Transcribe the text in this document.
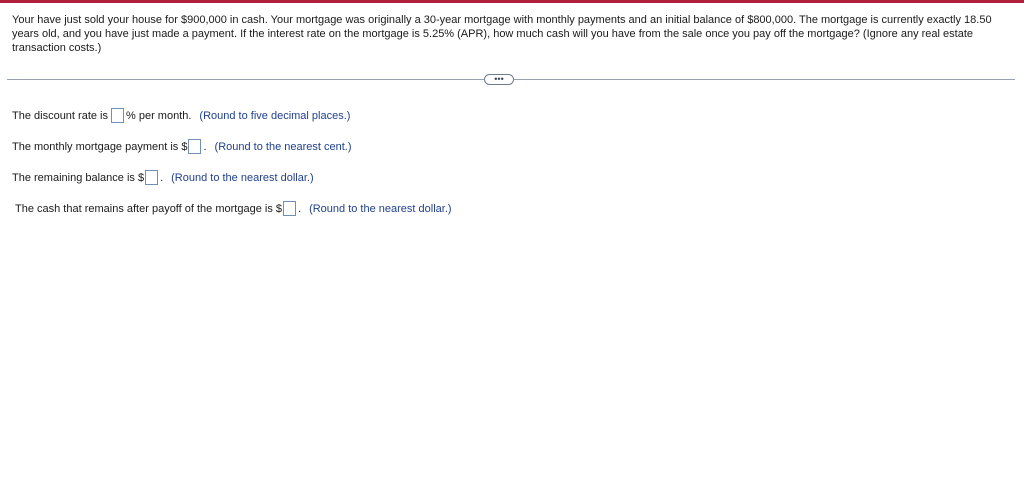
Your have just sold your house for $900,000 in cash. Your mortgage was originally a 30-year mortgage with monthly payments and an initial balance of $800,000. The mortgage is currently exactly 18.50 years old, and you have just made a payment. If the interest rate on the mortgage is 5.25% (APR), how much cash will you have from the sale once you pay off the mortgage? (Ignore any real estate transaction costs.)
•••
The discount rate is % per month. (Round to five decimal places.)
The monthly mortgage payment is $ . (Round to the nearest cent.)
The remaining balance is $ . (Round to the nearest dollar.)
The cash that remains after payoff of the mortgage is $ . (Round to the nearest dollar.)
